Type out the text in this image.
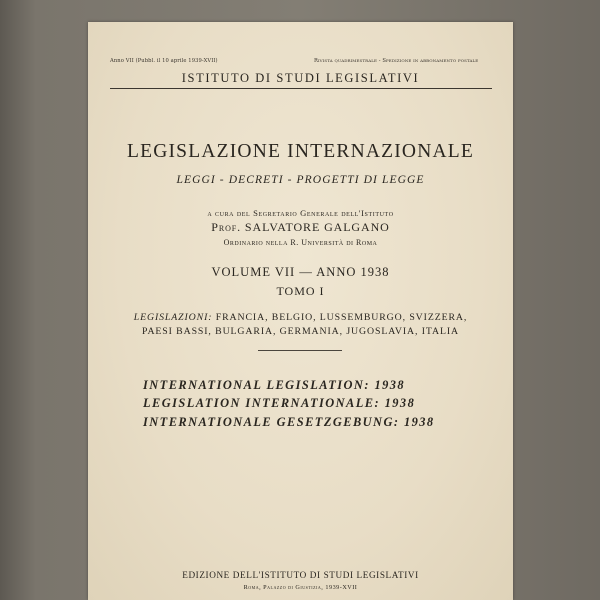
Anno VII (Pubbl. il 10 aprile 1939-XVII)	Rivista quadrimestrale - Spedizione in abbonamento postale
ISTITUTO DI STUDI LEGISLATIVI
LEGISLAZIONE INTERNAZIONALE
LEGGI - DECRETI - PROGETTI DI LEGGE
a cura del Segretario Generale dell'Istituto
Prof. SALVATORE GALGANO
Ordinario nella R. Università di Roma
VOLUME VII — ANNO 1938
TOMO I
LEGISLAZIONI: FRANCIA, BELGIO, LUSSEMBURGO, SVIZZERA,
PAESI BASSI, BULGARIA, GERMANIA, JUGOSLAVIA, ITALIA
INTERNATIONAL LEGISLATION: 1938
LEGISLATION INTERNATIONALE: 1938
INTERNATIONALE GESETZGEBUNG: 1938
EDIZIONE DELL'ISTITUTO DI STUDI LEGISLATIVI
Roma, Palazzo di Giustizia, 1939-XVII
